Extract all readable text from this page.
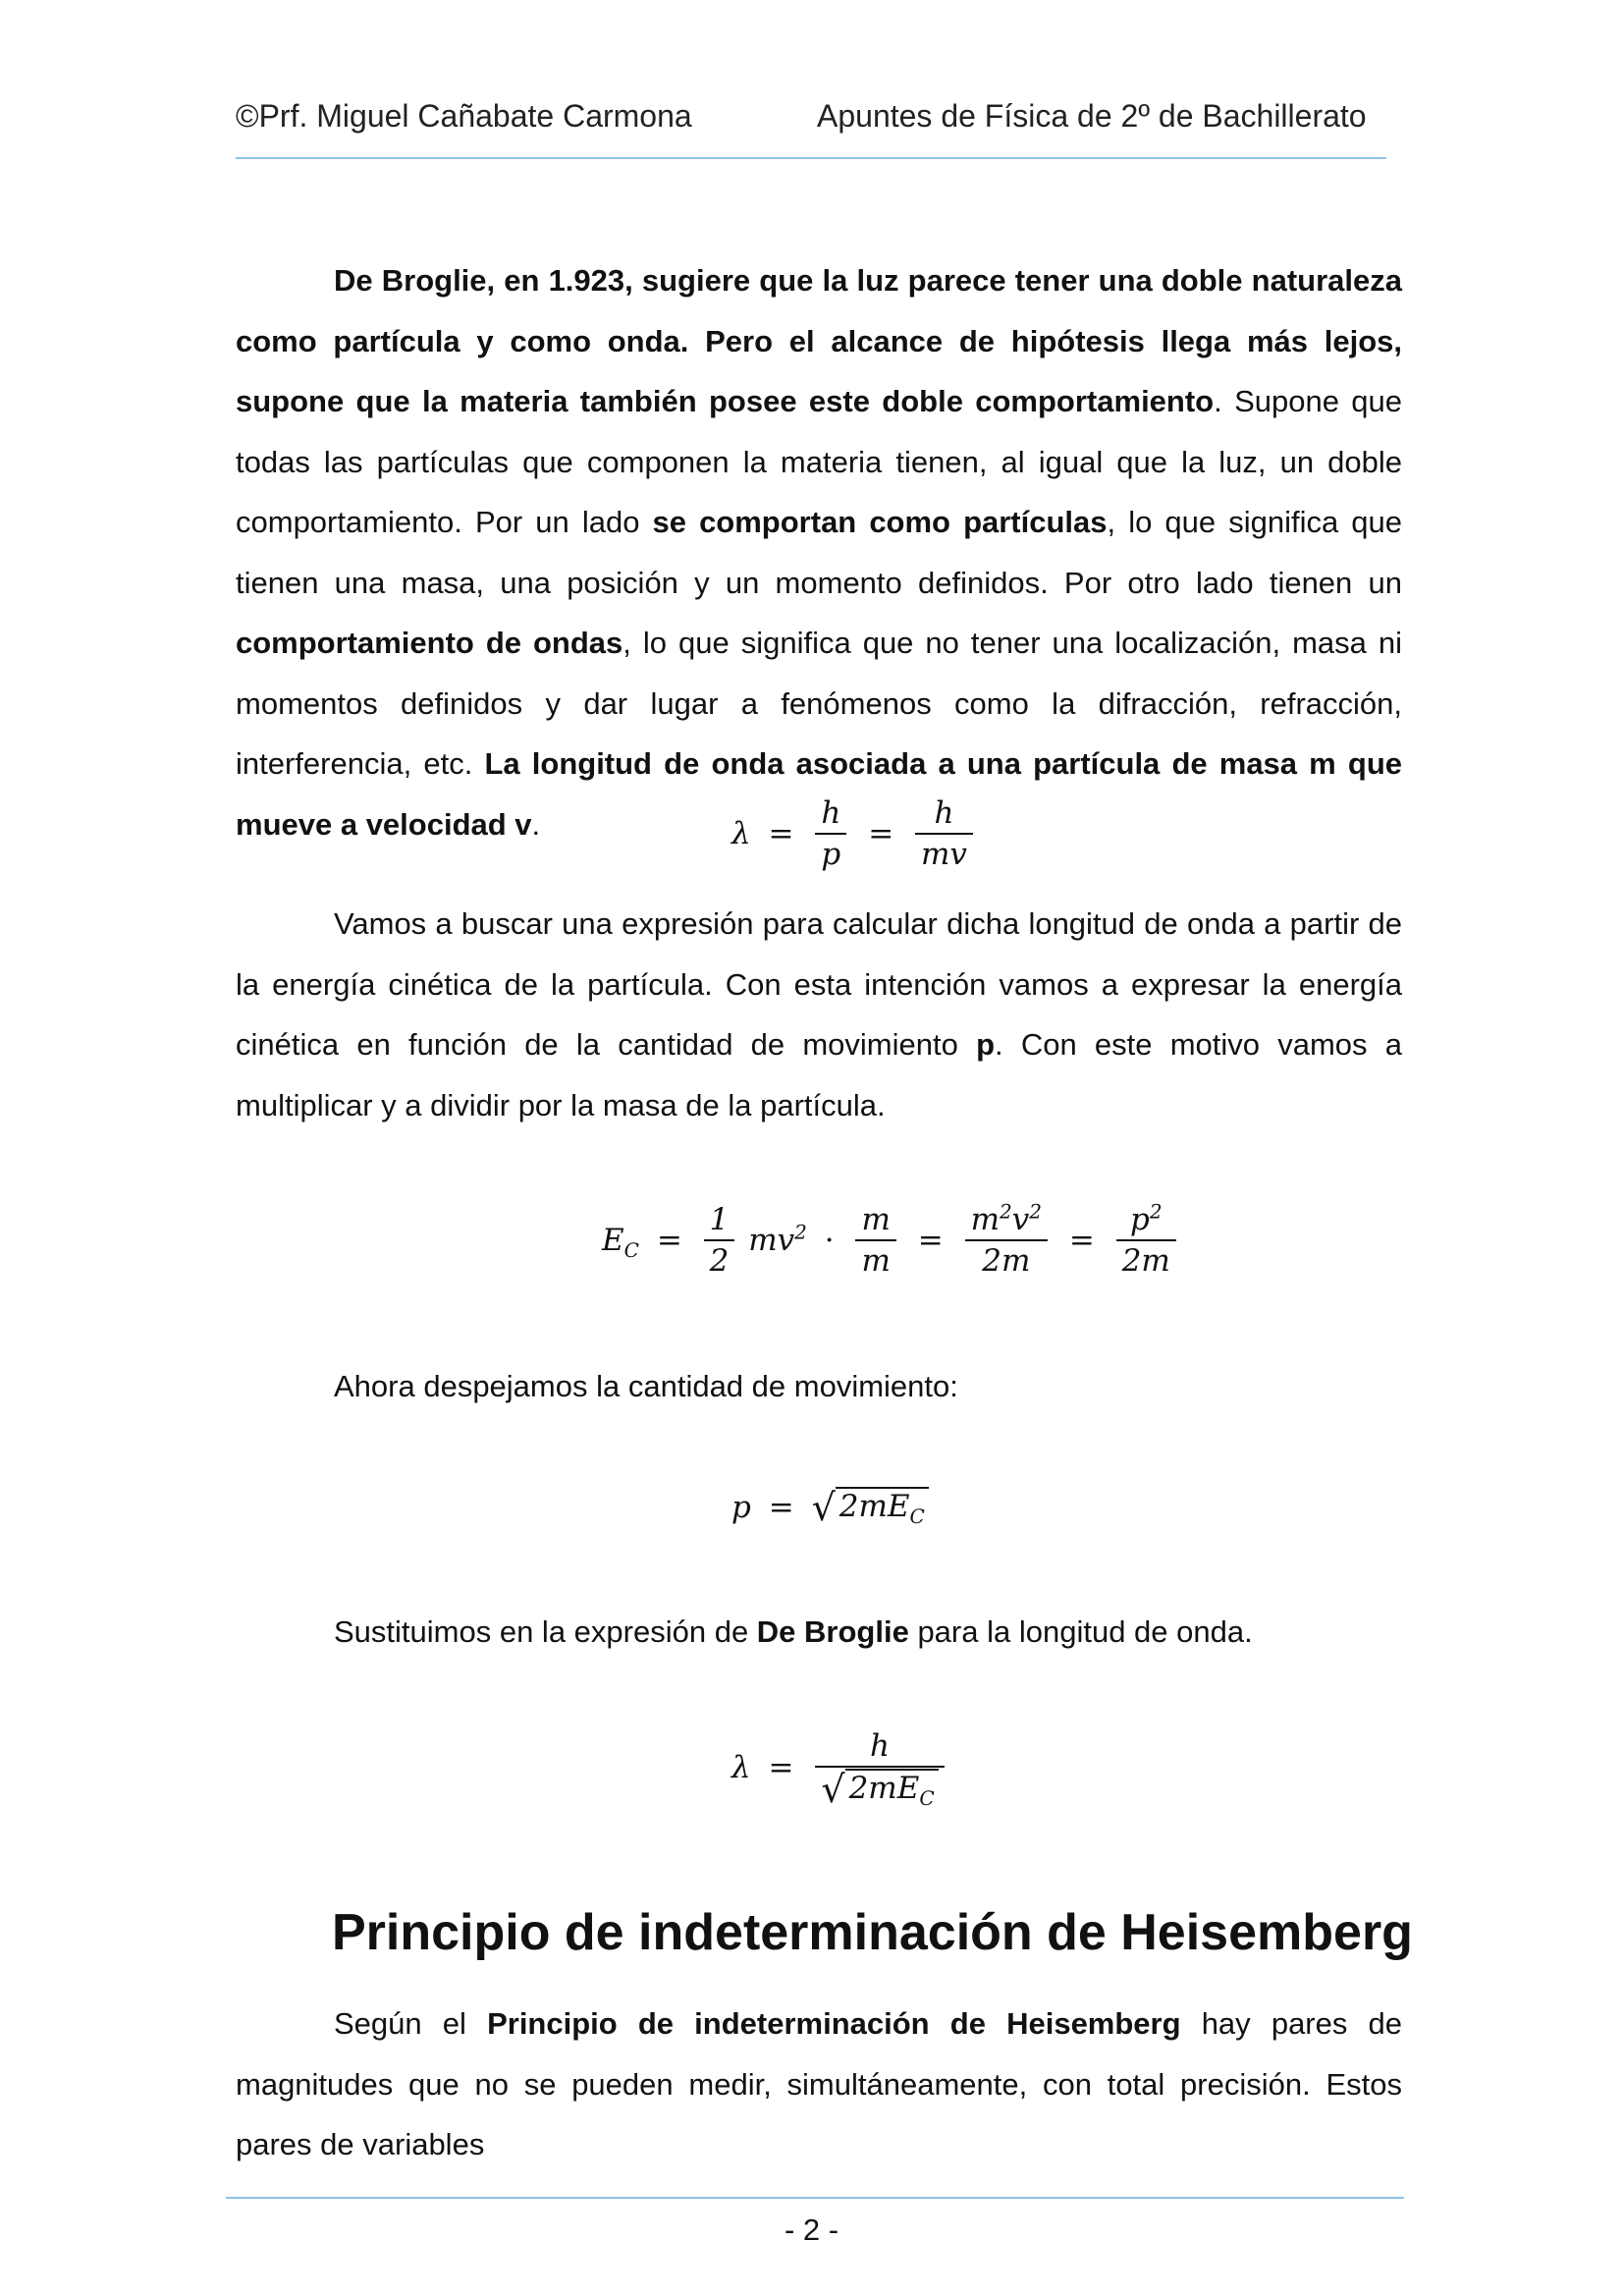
©Prf. Miguel Cañabate Carmona	Apuntes de Física de 2º de Bachillerato
De Broglie, en 1.923, sugiere que la luz parece tener una doble naturaleza como partícula y como onda. Pero el alcance de hipótesis llega más lejos, supone que la materia también posee este doble comportamiento. Supone que todas las partículas que componen la materia tienen, al igual que la luz, un doble comportamiento. Por un lado se comportan como partículas, lo que significa que tienen una masa, una posición y un momento definidos. Por otro lado tienen un comportamiento de ondas, lo que significa que no tener una localización, masa ni momentos definidos y dar lugar a fenómenos como la difracción, refracción, interferencia, etc. La longitud de onda asociada a una partícula de masa m que mueve a velocidad v.	$\lambda = \frac{h}{p} = \frac{h}{mv}$
Vamos a buscar una expresión para calcular dicha longitud de onda a partir de la energía cinética de la partícula. Con esta intención vamos a expresar la energía cinética en función de la cantidad de movimiento p. Con este motivo vamos a multiplicar y a dividir por la masa de la partícula.
$E_C = \frac{1}{2} mv^2 \cdot \frac{m}{m} = \frac{m^2v^2}{2m} = \frac{p^2}{2m}$
Ahora despejamos la cantidad de movimiento:
p = √ $2mE_C$
Sustituimos en la expresión de De Broglie para la longitud de onda.
$\lambda = \frac{h}{√ 2mE_C}$
Principio de indeterminación de Heisemberg
Según el Principio de indeterminación de Heisemberg hay pares de magnitudes que no se pueden medir, simultáneamente, con total precisión. Estos pares de variables
- 2 -
